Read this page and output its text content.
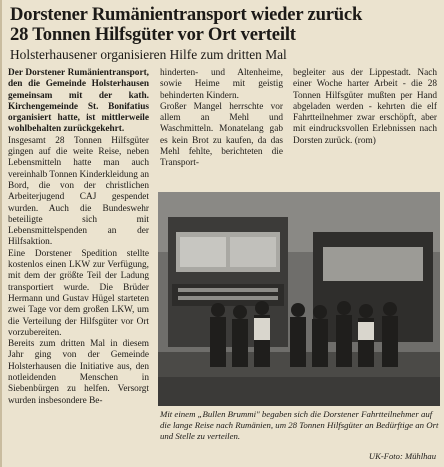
Dorstener Rumänientransport wieder zurück
28 Tonnen Hilfsgüter vor Ort verteilt

Holsterhausener organisieren Hilfe zum dritten Mal

Der Dorstener Rumänientransport, den die Gemeinde Holsterhausen gemeinsam mit der kath. Kirchengemeinde St. Bonifatius organisiert hatte, ist mittlerweile wohlbehalten zurückgekehrt.

Insgesamt 28 Tonnen Hilfsgüter gingen auf die weite Reise, neben Lebensmitteln hatte man auch vereinhalb Tonnen Kinderkleidung an Bord, die von der christlichen Arbeiterjugend CAJ gespendet wurden. Auch die Bundeswehr beteiligte sich mit Lebensmittelspenden an der Hilfsaktion.

Eine Dorstener Spedition stellte kostenlos einen LKW zur Verfügung, mit dem der größte Teil der Ladung transportiert wurde. Die Brüder Hermann und Gustav Hügel starteten zwei Tage vor dem großen LKW, um die Verteilung der Hilfsgüter vor Ort vorzubereiten.

Bereits zum dritten Mal in diesem Jahr ging von der Gemeinde Holsterhausen die Initiative aus, den notleidenden Menschen in Siebenbürgen zu helfen. Versorgt wurden insbesondere Be-

hinderten- und Altenheime, sowie Heime mit geistig behinderten Kindern.

Großer Mangel herrschte vor allem an Mehl und Waschmitteln. Monatelang gab es kein Brot zu kaufen, da das Mehl fehlte, berichteten die Transport-

begleiter aus der Lippestadt. Nach einer Woche harter Arbeit - die 28 Tonnen Hilfsgüter mußten per Hand abgeladen werden - kehrten die elf Fahrtteilnehmer zwar erschöpft, aber mit eindrucksvollen Erlebnissen nach Dorsten zurück. (rom)

Mit einem „Bullen Brummi" begaben sich die Dorstener Fahrtteilnehmer auf die lange Reise nach Rumänien, um 28 Tonnen Hilfsgüter an Bedürftige an Ort und Stelle zu verteilen.

UK-Foto: Mühlhau
